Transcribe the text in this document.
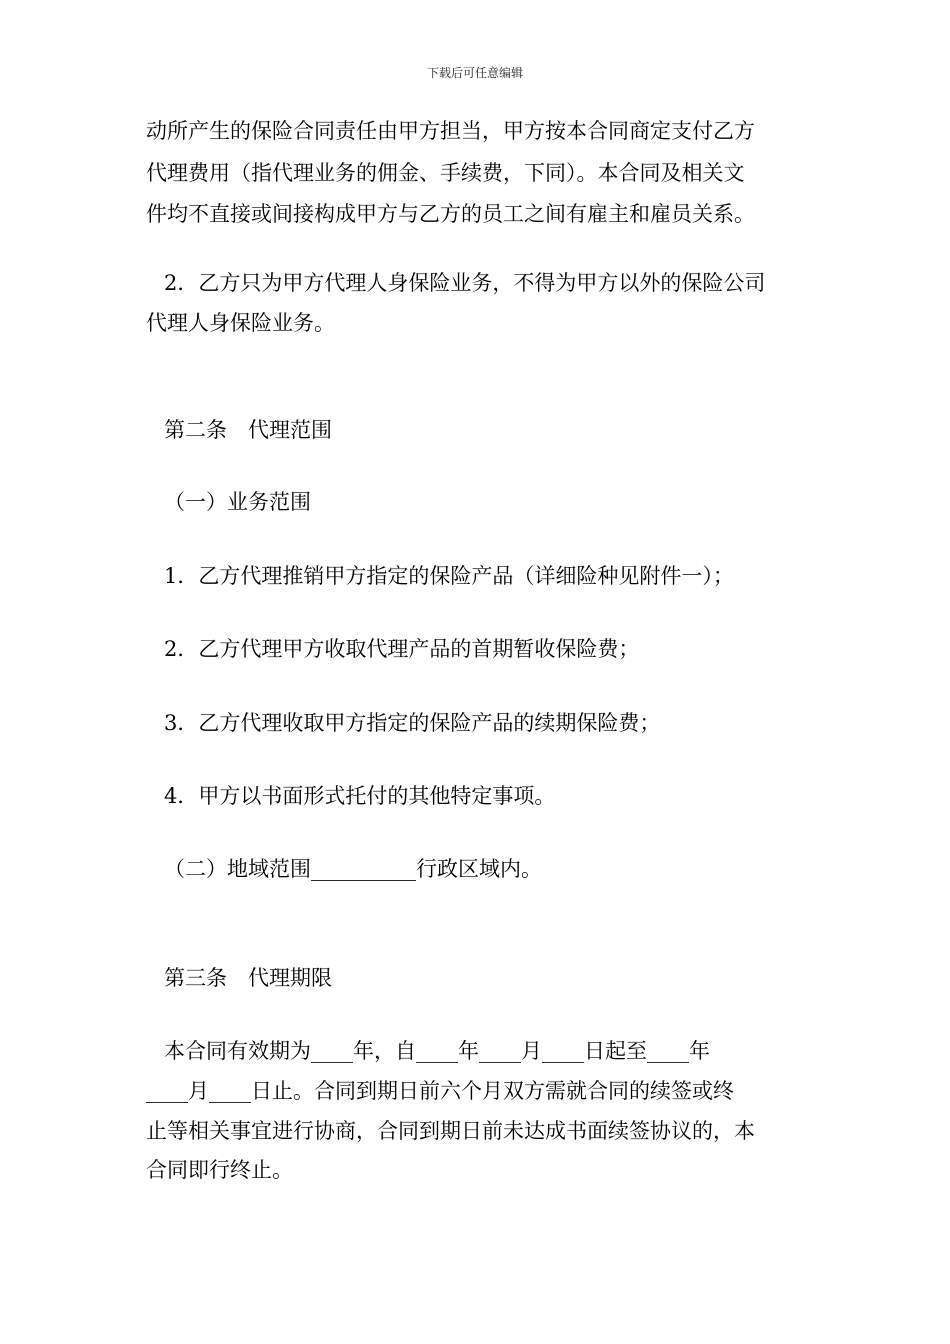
下载后可任意编辑

动所产生的保险合同责任由甲方担当，甲方按本合同商定支付乙方

代理费用（指代理业务的佣金、手续费，下同）。本合同及相关文

件均不直接或间接构成甲方与乙方的员工之间有雇主和雇员关系。

2．乙方只为甲方代理人身保险业务，不得为甲方以外的保险公司

代理人身保险业务。

第二条　代理范围

（一）业务范围

1．乙方代理推销甲方指定的保险产品（详细险种见附件一）；

2．乙方代理甲方收取代理产品的首期暂收保险费；

3．乙方代理收取甲方指定的保险产品的续期保险费；

4．甲方以书面形式托付的其他特定事项。

（二）地域范围__________行政区域内。

第三条　代理期限

本合同有效期为____年，自____年____月____日起至____年

____月____日止。合同到期日前六个月双方需就合同的续签或终

止等相关事宜进行协商，合同到期日前未达成书面续签协议的，本

合同即行终止。
